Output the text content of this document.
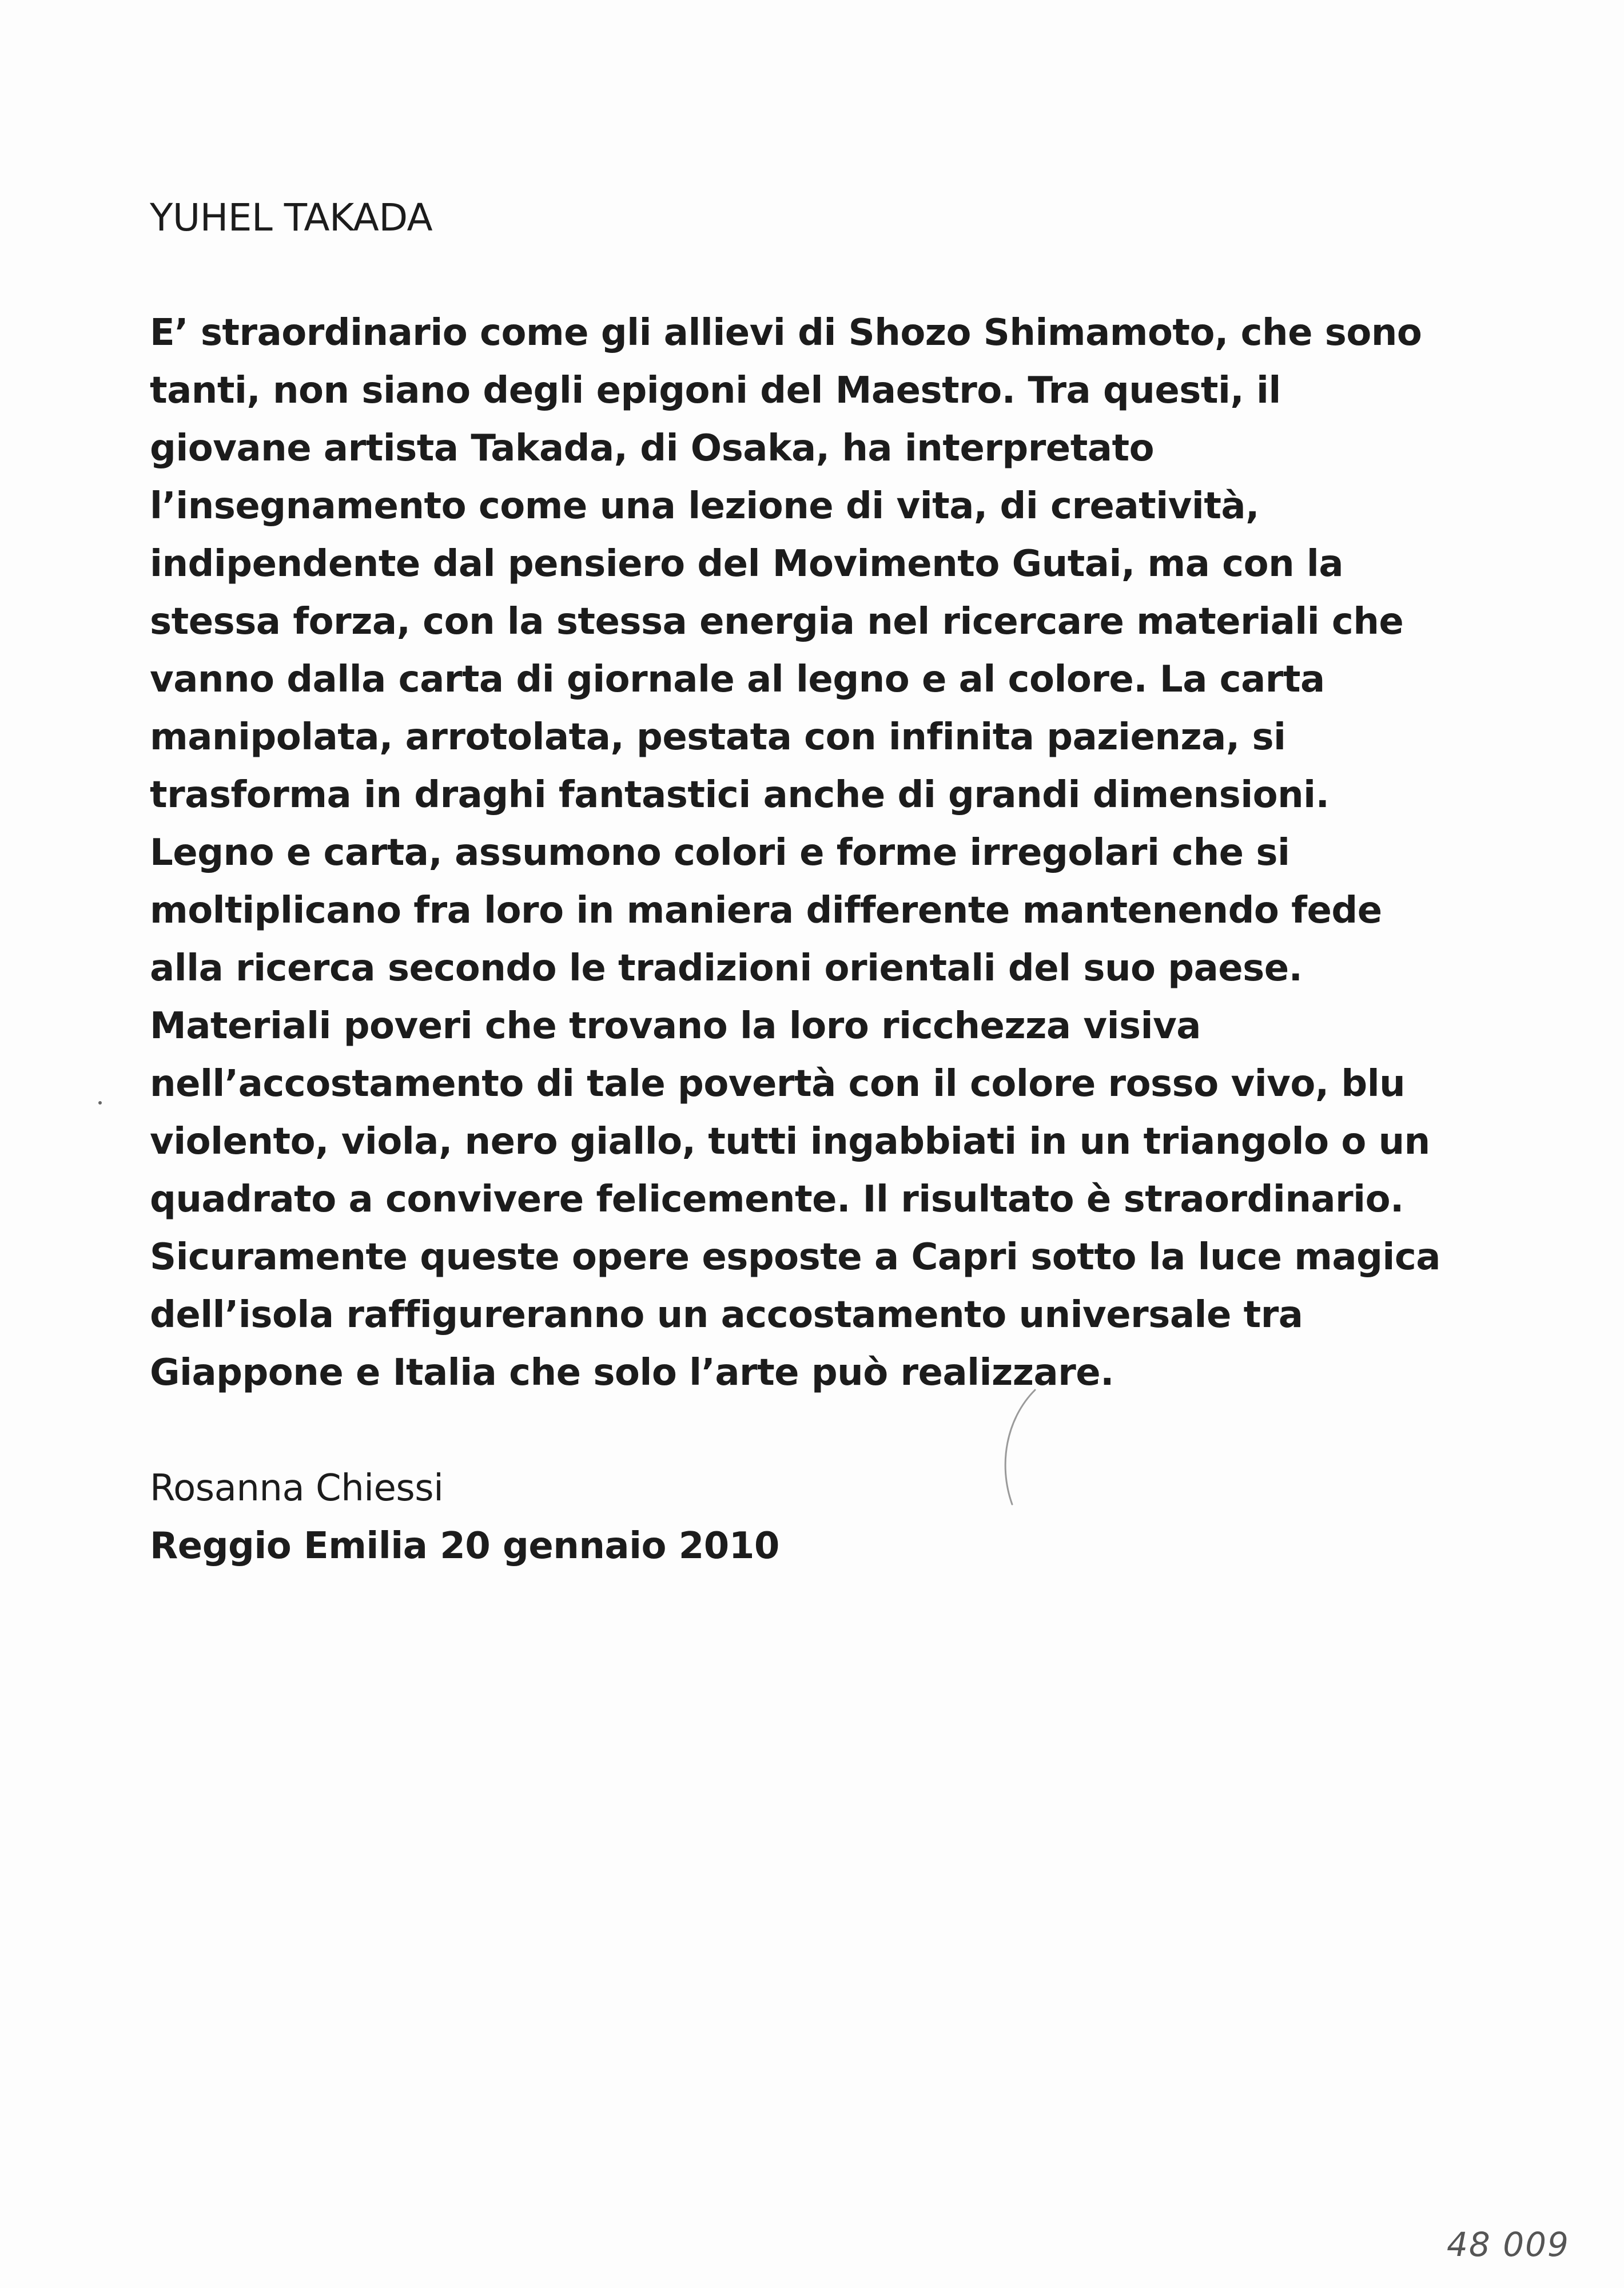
YUHEL TAKADA

E’ straordinario come gli allievi di Shozo Shimamoto, che sono

tanti, non siano degli epigoni del Maestro. Tra questi, il

giovane artista Takada, di Osaka, ha interpretato

l’insegnamento come una lezione di vita, di creatività,

indipendente dal pensiero del Movimento Gutai, ma con la

stessa forza, con la stessa energia nel ricercare materiali che

vanno dalla carta di giornale al legno e al colore. La carta

manipolata, arrotolata, pestata con infinita pazienza, si

trasforma in draghi fantastici anche di grandi dimensioni.

Legno e carta, assumono colori e forme irregolari che si

moltiplicano fra loro in maniera differente mantenendo fede

alla ricerca secondo le tradizioni orientali del suo paese.

Materiali poveri che trovano la loro ricchezza visiva

nell’accostamento di tale povertà con il colore rosso vivo, blu

violento, viola, nero giallo, tutti ingabbiati in un triangolo o un

quadrato a convivere felicemente. Il risultato è straordinario.

Sicuramente queste opere esposte a Capri sotto la luce magica

dell’isola raffigureranno un accostamento universale tra

Giappone e Italia che solo l’arte può realizzare.

Rosanna Chiessi

Reggio Emilia 20 gennaio 2010

48 009
